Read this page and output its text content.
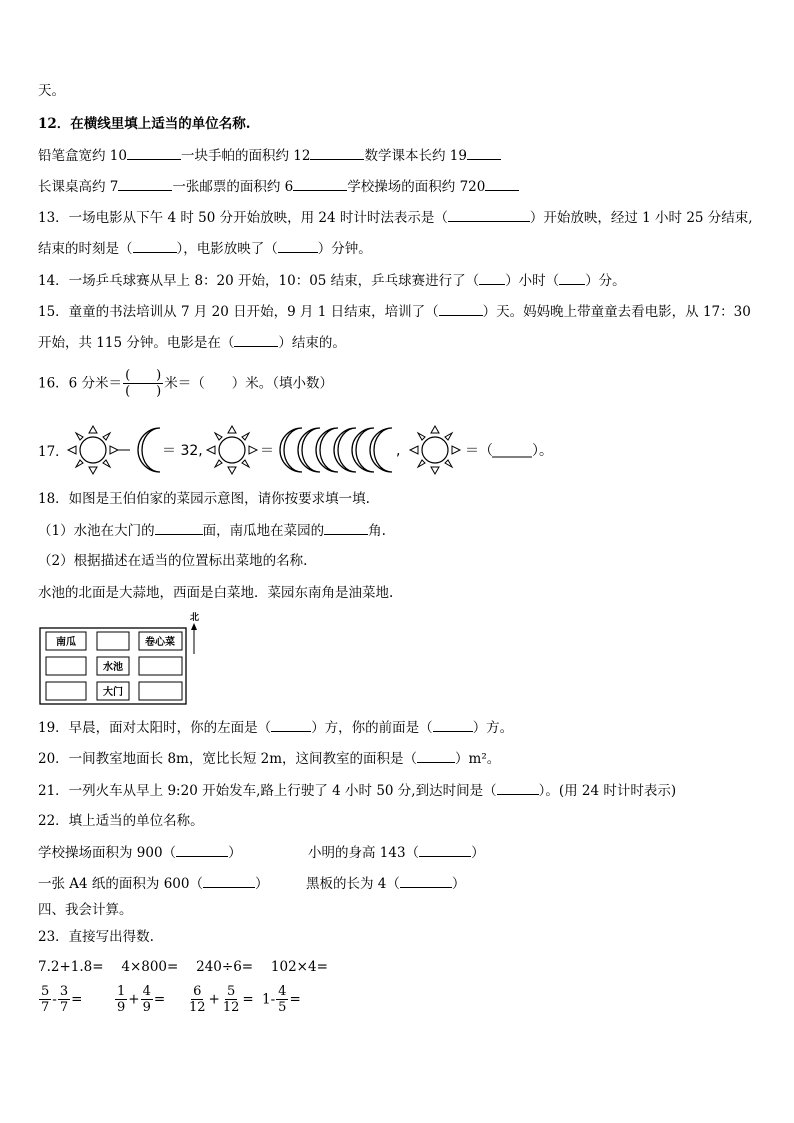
天。
12．在横线里填上适当的单位名称.
铅笔盒宽约 10	一块手帕的面积约 12	数学课本长约 19
长课桌高约 7	一张邮票的面积约 6	学校操场的面积约 720
13．一场电影从下午 4 时 50 分开始放映，用 24 时计时法表示是（	）开始放映，经过 1 小时 25 分结束,
结束的时刻是（	），电影放映了（	）分钟。
14．一场乒乓球赛从早上 8：20 开始，10：05 结束，乒乓球赛进行了（ ）小时（ ）分。
15．童童的书法培训从 7 月 20 日开始，9 月 1 日结束，培训了（	）天。妈妈晚上带童童去看电影，从 17：30
开始，共 115 分钟。电影是在（	）结束的。
16．6 分米＝ $\frac{( )}{( )}$ 米＝（　　）米。（填小数）
17．	＝ 32,	＝	,	＝（	）。
18．如图是王伯伯家的菜园示意图，请你按要求填一填.
（1）水池在大门的	面，南瓜地在菜园的	角.
（2）根据描述在适当的位置标出菜地的名称.
水池的北面是大蒜地，西面是白菜地．菜园东南角是油菜地.
南瓜	卷心菜
水池
大门
北
19．早晨，面对太阳时，你的左面是（	）方，你的前面是（	）方。
20．一间教室地面长 8m，宽比长短 2m，这间教室的面积是（	）m²。
21．一列火车从早上 9:20 开始发车,路上行驶了 4 小时 50 分,到达时间是（	）。(用 24 时计时表示)
22．填上适当的单位名称。
学校操场面积为 900（	）	小明的身高 143（	）
一张 A4 纸的面积为 600（	）	黑板的长为 4（	）
四、我会计算。
23．直接写出得数.
7.2+1.8=　 4×800=　 240÷6=　 102×4=
$\frac{5}{7} - \frac{3}{7}$ =	$\frac{1}{9} + \frac{4}{9} = \frac{6}{12} + \frac{5}{12} = 1- \frac{4}{5}$ =
